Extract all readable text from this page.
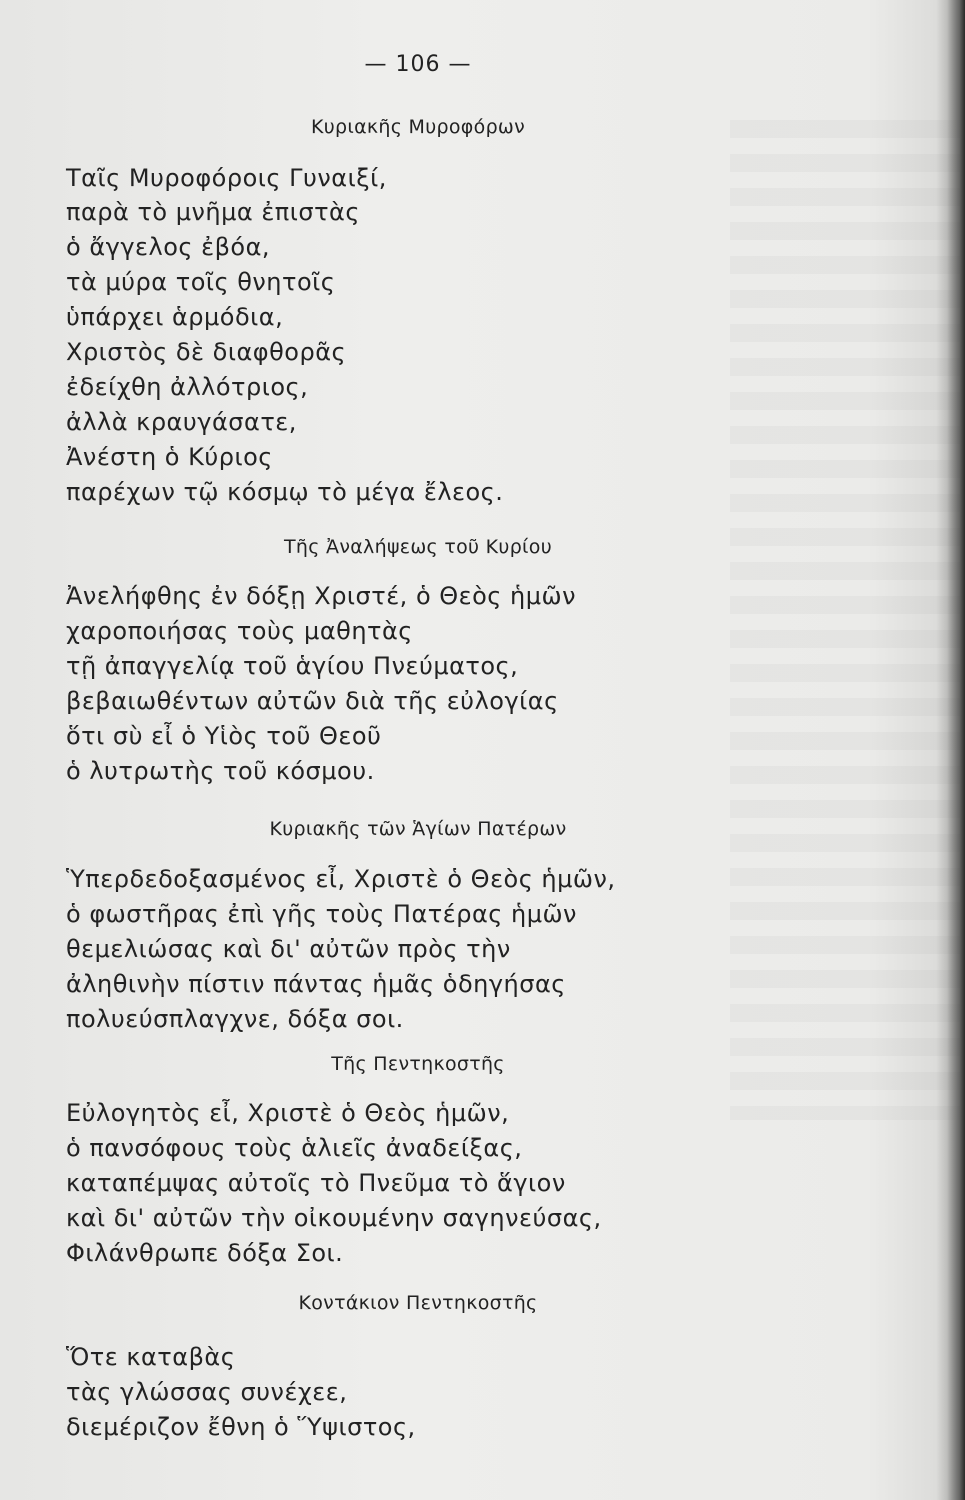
— 106 —
Κυριακῆς Μυροφόρων
Ταῖς Μυροφόροις Γυναιξί,
παρὰ τὸ μνῆμα ἐπιστὰς
ὁ ἄγγελος ἐβόα,
τὰ μύρα τοῖς θνητοῖς
ὑπάρχει ἁρμόδια,
Χριστὸς δὲ διαφθορᾶς
ἐδείχθη ἀλλότριος,
ἀλλὰ κραυγάσατε,
Ἀνέστη ὁ Κύριος
παρέχων τῷ κόσμῳ τὸ μέγα ἔλεος.
Τῆς Ἀναλήψεως τοῦ Κυρίου
Ἀνελήφθης ἐν δόξῃ Χριστέ, ὁ Θεὸς ἡμῶν
χαροποιήσας τοὺς μαθητὰς
τῇ ἀπαγγελίᾳ τοῦ ἁγίου Πνεύματος,
βεβαιωθέντων αὐτῶν διὰ τῆς εὐλογίας
ὅτι σὺ εἶ ὁ Υἱὸς τοῦ Θεοῦ
ὁ λυτρωτὴς τοῦ κόσμου.
Κυριακῆς τῶν Ἁγίων Πατέρων
Ὑπερδεδοξασμένος εἶ, Χριστὲ ὁ Θεὸς ἡμῶν,
ὁ φωστῆρας ἐπὶ γῆς τοὺς Πατέρας ἡμῶν
θεμελιώσας καὶ δι' αὐτῶν πρὸς τὴν
ἀληθινὴν πίστιν πάντας ἡμᾶς ὁδηγήσας
πολυεύσπλαγχνε, δόξα σοι.
Τῆς Πεντηκοστῆς
Εὐλογητὸς εἶ, Χριστὲ ὁ Θεὸς ἡμῶν,
ὁ πανσόφους τοὺς ἁλιεῖς ἀναδείξας,
καταπέμψας αὐτοῖς τὸ Πνεῦμα τὸ ἅγιον
καὶ δι' αὐτῶν τὴν οἰκουμένην σαγηνεύσας,
Φιλάνθρωπε δόξα Σοι.
Κοντάκιον Πεντηκοστῆς
Ὅτε καταβὰς
τὰς γλώσσας συνέχεε,
διεμέριζον ἔθνη ὁ Ὕψιστος,
